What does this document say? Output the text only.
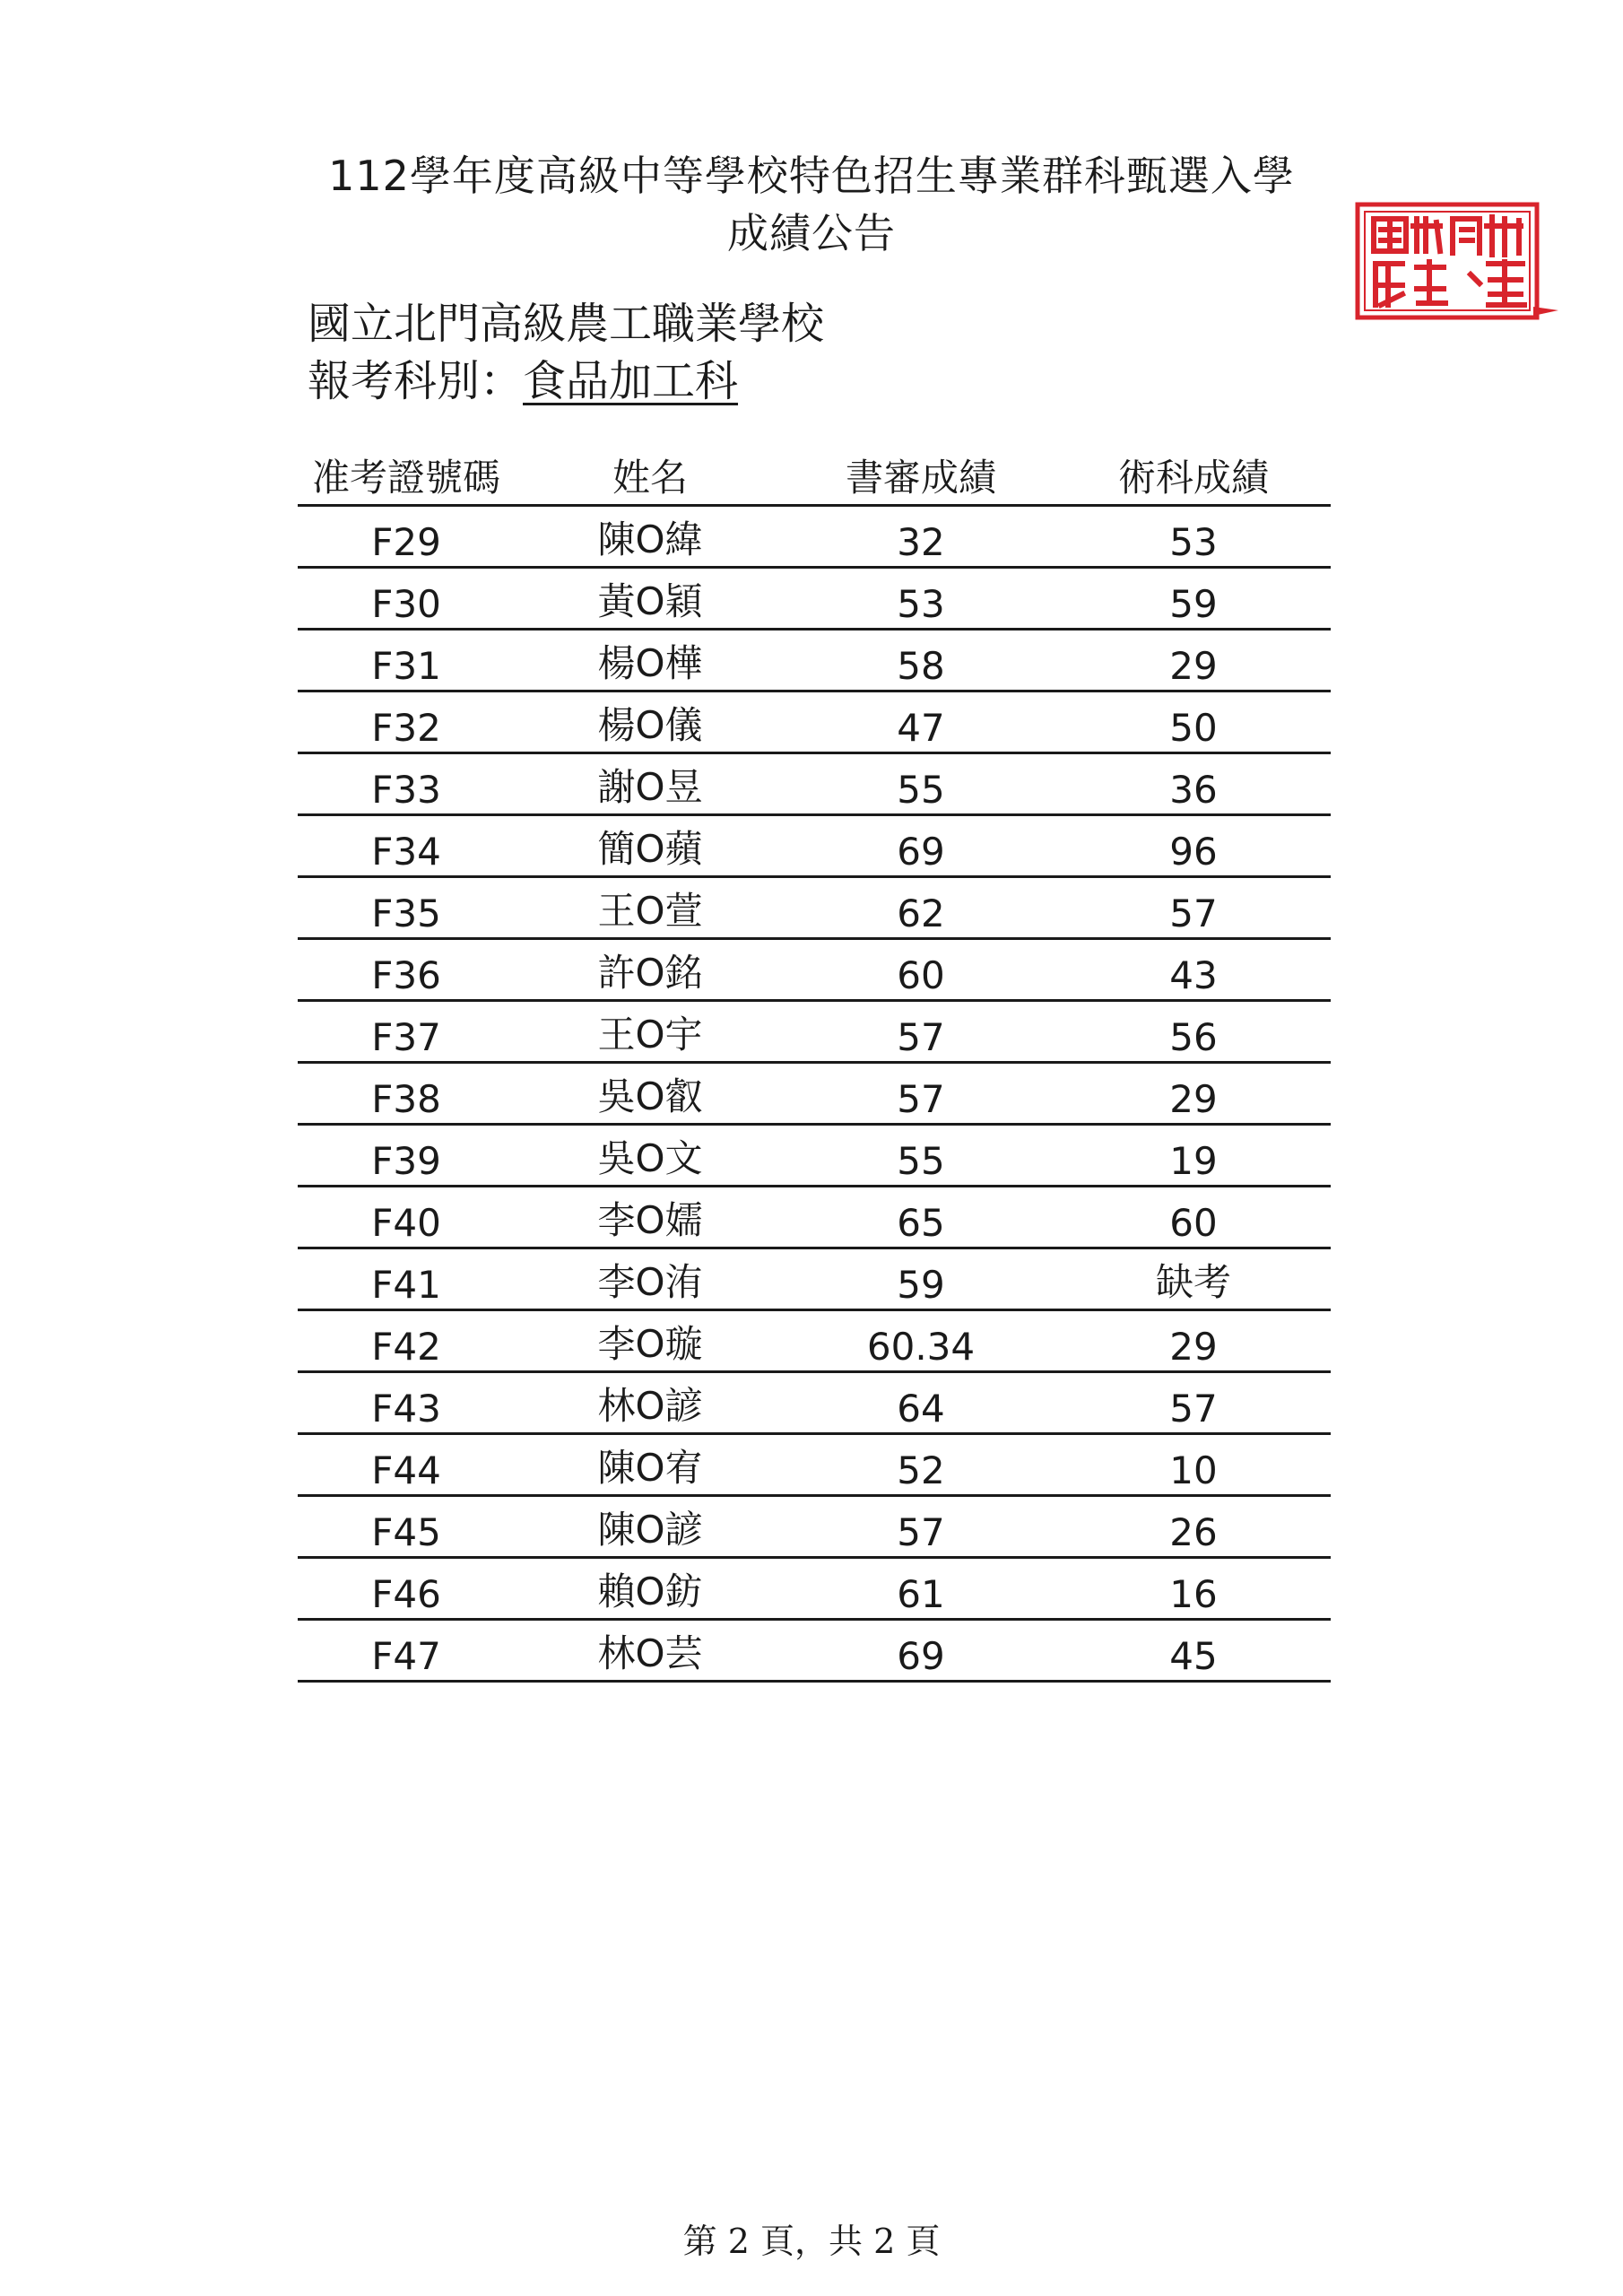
112學年度高級中等學校特色招生專業群科甄選入學
成績公告
國立北門高級農工職業學校
報考科別：食品加工科
准考證號碼	姓名	書審成績	術科成績
F29	陳O緯	32	53
F30	黃O穎	53	59
F31	楊O樺	58	29
F32	楊O儀	47	50
F33	謝O昱	55	36
F34	簡O蘋	69	96
F35	王O萱	62	57
F36	許O銘	60	43
F37	王O宇	57	56
F38	吳O叡	57	29
F39	吳O文	55	19
F40	李O嬬	65	60
F41	李O洧	59	缺考
F42	李O璇	60.34	29
F43	林O諺	64	57
F44	陳O宥	52	10
F45	陳O諺	57	26
F46	賴O鈁	61	16
F47	林O芸	69	45
第 2 頁，共 2 頁
